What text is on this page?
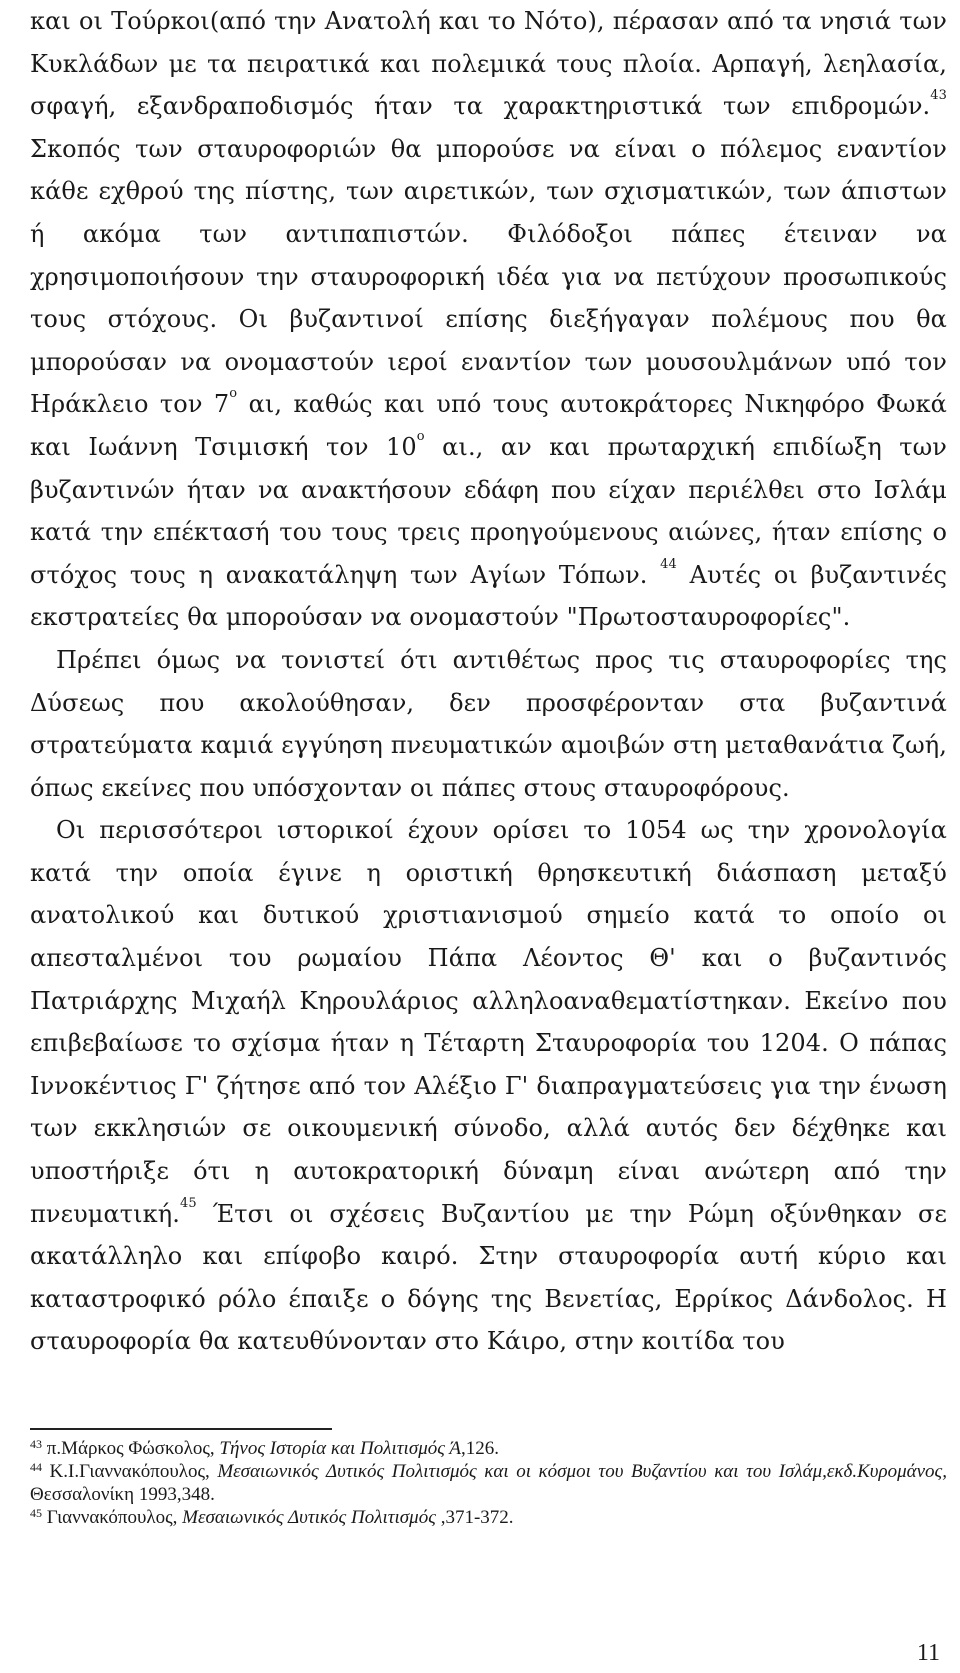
και οι Τούρκοι(από την Ανατολή και το Νότο), πέρασαν από τα νησιά των Κυκλάδων με τα πειρατικά και πολεμικά τους πλοία. Αρπαγή, λεηλασία, σφαγή, εξανδραποδισμός ήταν τα χαρακτηριστικά των επιδρομών.$^{43}$ Σκοπός των σταυροφοριών θα μπορούσε να είναι ο πόλεμος εναντίον κάθε εχθρού της πίστης, των αιρετικών, των σχισματικών, των άπιστων ή ακόμα των αντιπαπιστών. Φιλόδοξοι πάπες έτειναν να χρησιμοποιήσουν την σταυροφορική ιδέα για να πετύχουν προσωπικούς τους στόχους. Οι βυζαντινοί επίσης διεξήγαγαν πολέμους που θα μπορούσαν να ονομαστούν ιεροί εναντίον των μουσουλμάνων υπό τον Ηράκλειο τον $7^o$ αι, καθώς και υπό τους αυτοκράτορες Νικηφόρο Φωκά και Ιωάννη Τσιμισκή τον $10^o$ αι., αν και πρωταρχική επιδίωξη των βυζαντινών ήταν να ανακτήσουν εδάφη που είχαν περιέλθει στο Ισλάμ κατά την επέκτασή του τους τρεις προηγούμενους αιώνες, ήταν επίσης ο στόχος τους η ανακατάληψη των Αγίων Τόπων. $^{44}$ Αυτές οι βυζαντινές εκστρατείες θα μπορούσαν να ονομαστούν "Πρωτοσταυροφορίες".

Πρέπει όμως να τονιστεί ότι αντιθέτως προς τις σταυροφορίες της Δύσεως που ακολούθησαν, δεν προσφέρονταν στα βυζαντινά στρατεύματα καμιά εγγύηση πνευματικών αμοιβών στη μεταθανάτια ζωή, όπως εκείνες που υπόσχονταν οι πάπες στους σταυροφόρους.

Οι περισσότεροι ιστορικοί έχουν ορίσει το 1054 ως την χρονολογία κατά την οποία έγινε η οριστική θρησκευτική διάσπαση μεταξύ ανατολικού και δυτικού χριστιανισμού σημείο κατά το οποίο οι απεσταλμένοι του ρωμαίου Πάπα Λέοντος Θ' και ο βυζαντινός Πατριάρχης Μιχαήλ Κηρουλάριος αλληλοαναθεματίστηκαν. Εκείνο που επιβεβαίωσε το σχίσμα ήταν η Τέταρτη Σταυροφορία του 1204. Ο πάπας Ιννοκέντιος Γ' ζήτησε από τον Αλέξιο Γ' διαπραγματεύσεις για την ένωση των εκκλησιών σε οικουμενική σύνοδο, αλλά αυτός δεν δέχθηκε και υποστήριξε ότι η αυτοκρατορική δύναμη είναι ανώτερη από την πνευματική.$^{45}$ Έτσι οι σχέσεις Βυζαντίου με την Ρώμη οξύνθηκαν σε ακατάλληλο και επίφοβο καιρό. Στην σταυροφορία αυτή κύριο και καταστροφικό ρόλο έπαιξε ο δόγης της Βενετίας, Ερρίκος Δάνδολος. Η σταυροφορία θα κατευθύνονταν στο Κάιρο, στην κοιτίδα του

$^{43}$ π.Μάρκος Φώσκολος, Τήνος Ιστορία και Πολιτισμός Ά,126.

$^{44}$ Κ.Ι.Γιαννακόπουλος, Μεσαιωνικός Δυτικός Πολιτισμός και οι κόσμοι του Βυζαντίου και του Ισλάμ,εκδ.Κυρομάνος, Θεσσαλονίκη 1993,348.

$^{45}$ Γιαννακόπουλος, Μεσαιωνικός Δυτικός Πολιτισμός ,371-372.

11
